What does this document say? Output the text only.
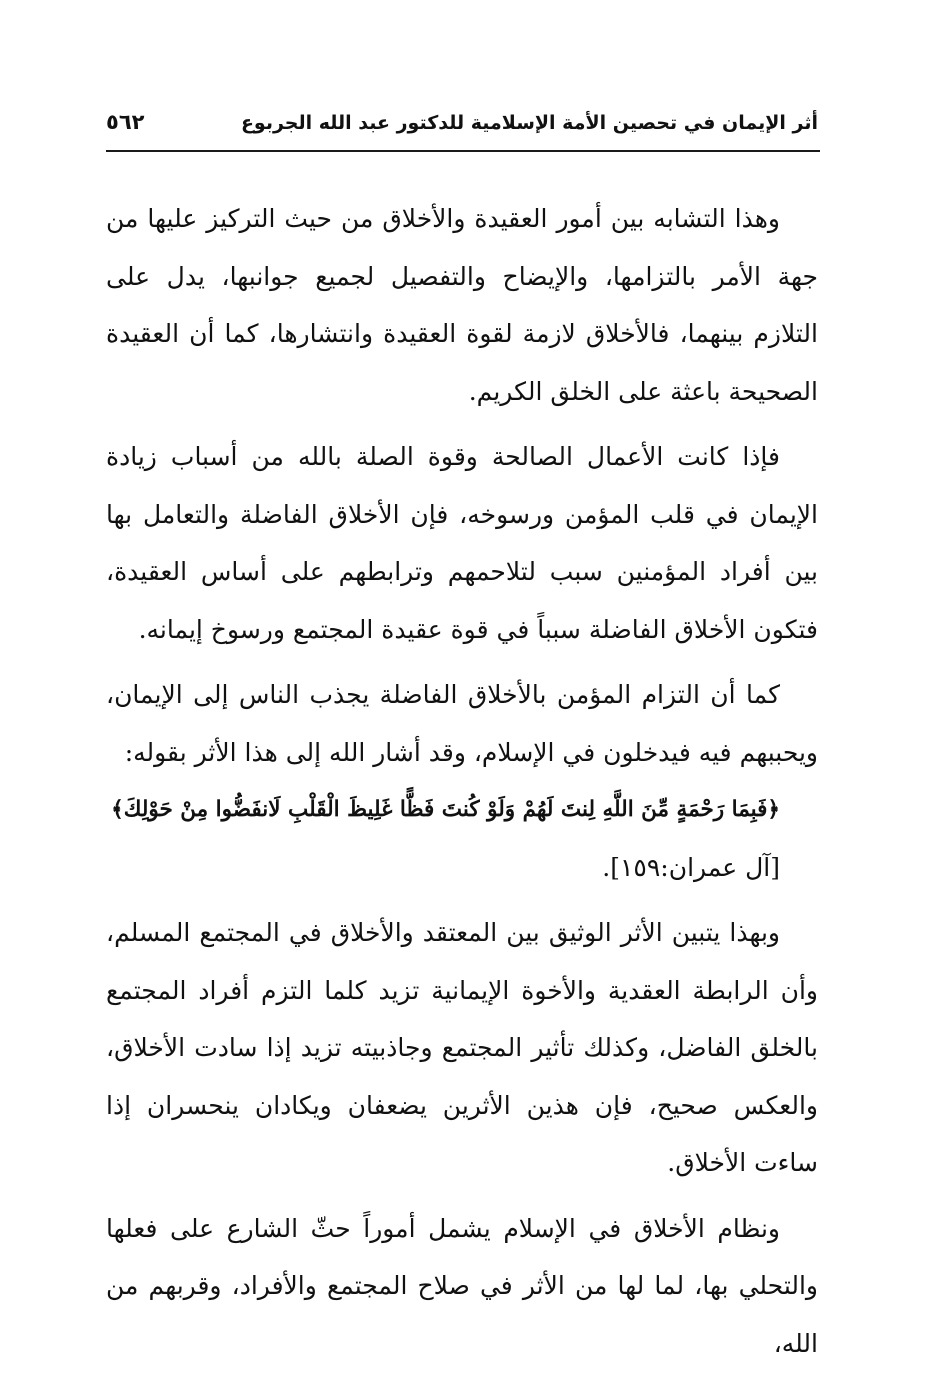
أثر الإيمان في تحصين الأمة الإسلامية للدكتور عبد الله الجربوع
٥٦٢

وهذا التشابه بين أمور العقيدة والأخلاق من حيث التركيز عليها من جهة الأمر بالتزامها، والإيضاح والتفصيل لجميع جوانبها، يدل على التلازم بينهما، فالأخلاق لازمة لقوة العقيدة وانتشارها، كما أن العقيدة الصحيحة باعثة على الخلق الكريم.

فإذا كانت الأعمال الصالحة وقوة الصلة بالله من أسباب زيادة الإيمان في قلب المؤمن ورسوخه، فإن الأخلاق الفاضلة والتعامل بها بين أفراد المؤمنين سبب لتلاحمهم وترابطهم على أساس العقيدة، فتكون الأخلاق الفاضلة سبباً في قوة عقيدة المجتمع ورسوخ إيمانه.

كما أن التزام المؤمن بالأخلاق الفاضلة يجذب الناس إلى الإيمان، ويحببهم فيه فيدخلون في الإسلام، وقد أشار الله إلى هذا الأثر بقوله:
﴿فَبِمَا رَحْمَةٍ مِّنَ اللَّهِ لِنتَ لَهُمْ وَلَوْ كُنتَ فَظًّا غَلِيظَ الْقَلْبِ لَانفَضُّوا مِنْ حَوْلِكَ﴾
[آل عمران:١٥٩].

وبهذا يتبين الأثر الوثيق بين المعتقد والأخلاق في المجتمع المسلم، وأن الرابطة العقدية والأخوة الإيمانية تزيد كلما التزم أفراد المجتمع بالخلق الفاضل، وكذلك تأثير المجتمع وجاذبيته تزيد إذا سادت الأخلاق، والعكس صحيح، فإن هذين الأثرين يضعفان ويكادان ينحسران إذا ساءت الأخلاق.

ونظام الأخلاق في الإسلام يشمل أموراً حثّ الشارع على فعلها والتحلي بها، لما لها من الأثر في صلاح المجتمع والأفراد، وقربهم من الله،
